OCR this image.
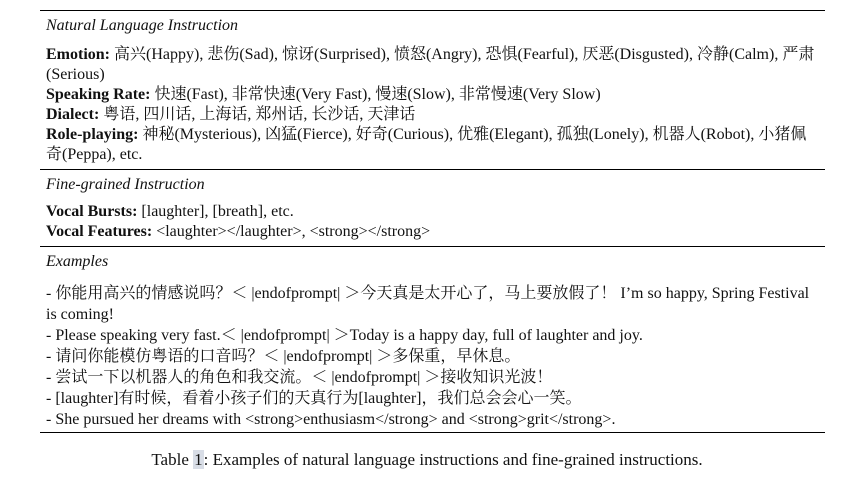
Natural Language Instruction
Emotion: 高兴(Happy), 悲伤(Sad), 惊讶(Surprised), 愤怒(Angry), 恐惧(Fearful), 厌恶(Disgusted), 冷静(Calm), 严肃(Serious)
Speaking Rate: 快速(Fast), 非常快速(Very Fast), 慢速(Slow), 非常慢速(Very Slow)
Dialect: 粤语, 四川话, 上海话, 郑州话, 长沙话, 天津话
Role-playing: 神秘(Mysterious), 凶猛(Fierce), 好奇(Curious), 优雅(Elegant), 孤独(Lonely), 机器人(Robot), 小猪佩奇(Peppa), etc.
Fine-grained Instruction
Vocal Bursts: [laughter], [breath], etc.
Vocal Features: <laughter></laughter>, <strong></strong>
Examples
- 你能用高兴的情感说吗？＜ |endofprompt| ＞今天真是太开心了，马上要放假了！ I’m so happy, Spring Festival is coming!
- Please speaking very fast.＜ |endofprompt| ＞Today is a happy day, full of laughter and joy.
- 请问你能模仿粤语的口音吗？＜ |endofprompt| ＞多保重，早休息。
- 尝试一下以机器人的角色和我交流。＜ |endofprompt| ＞接收知识光波！
- [laughter]有时候，看着小孩子们的天真行为[laughter]，我们总会会心一笑。
- She pursued her dreams with <strong>enthusiasm</strong> and <strong>grit</strong>.
Table 1: Examples of natural language instructions and fine-grained instructions.
